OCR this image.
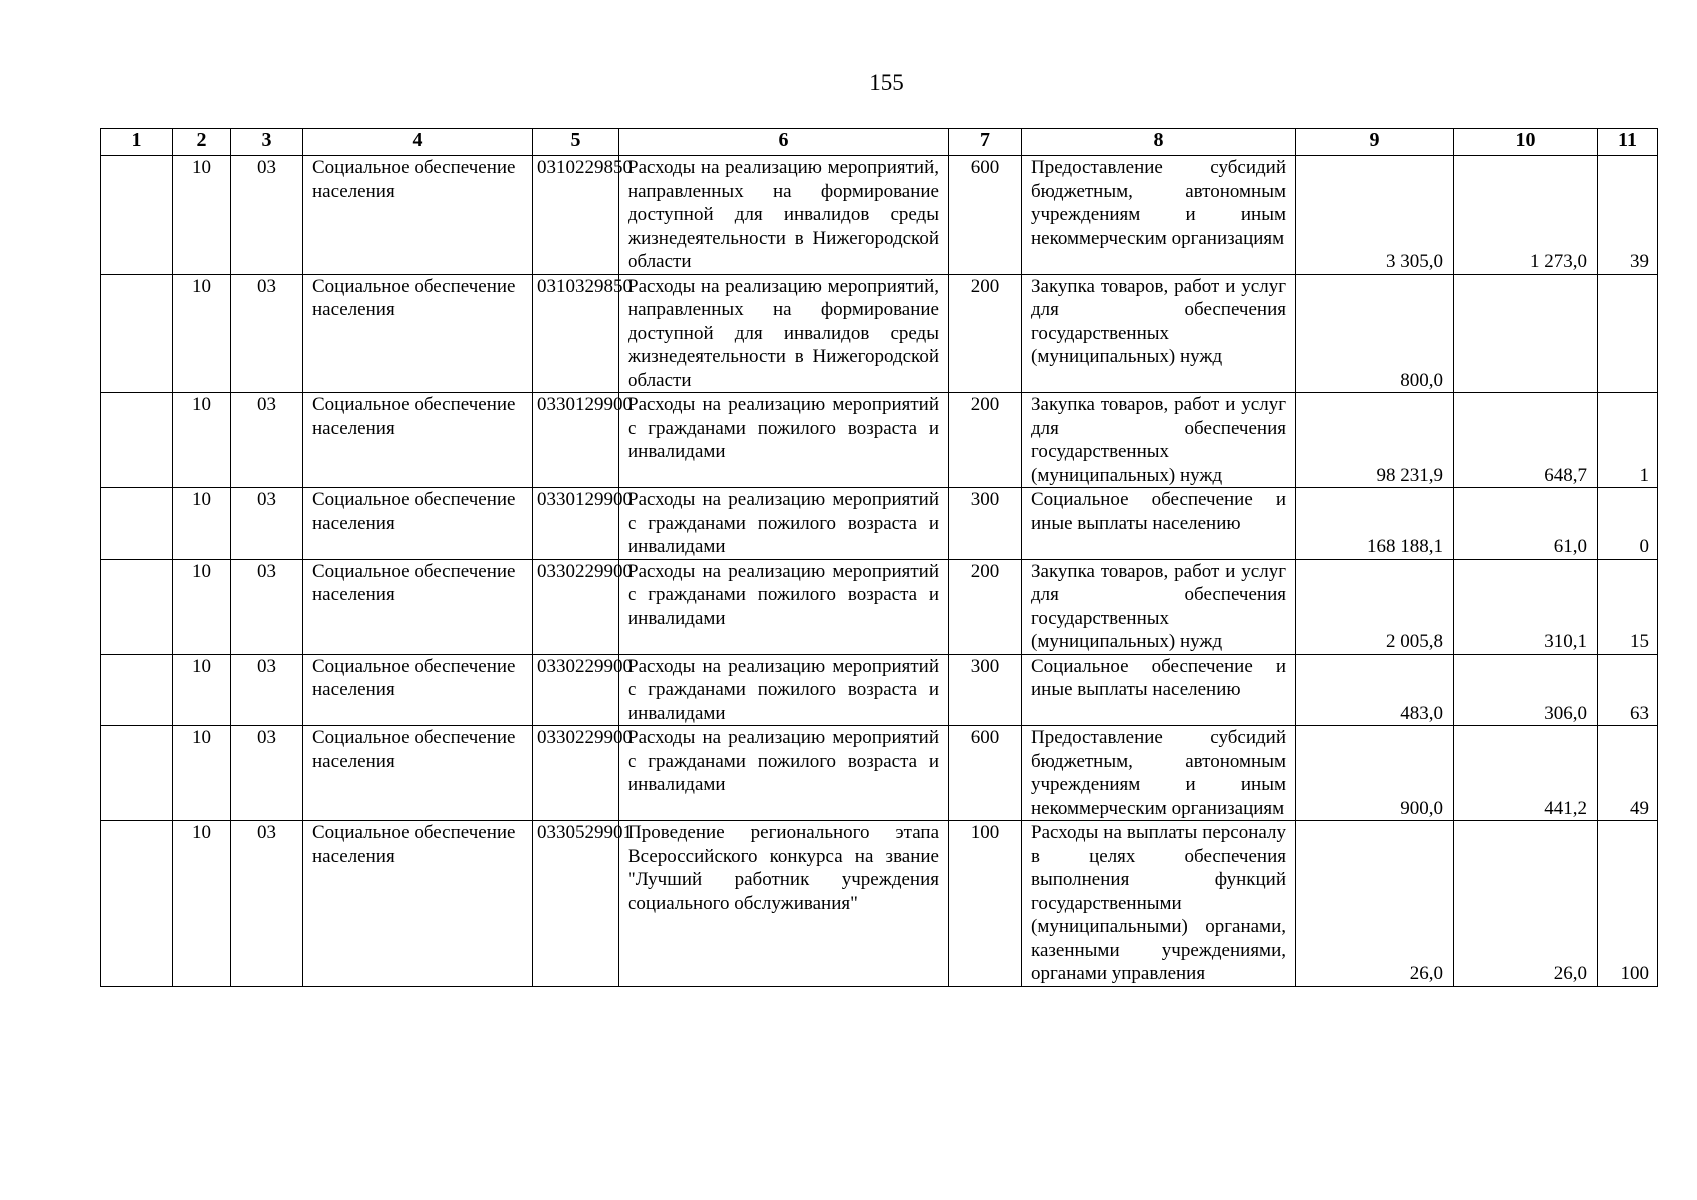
155
1	2	3	4	5	6	7	8	9	10	11
	10	03	Социальное обеспечение населения	0310229850	Расходы на реализацию мероприятий, направленных на формирование доступной для инвалидов среды жизнедеятельности в Нижегородской области	600	Предоставление субсидий бюджетным, автономным учреждениям и иным некоммерческим организациям	3 305,0	1 273,0	39
	10	03	Социальное обеспечение населения	0310329850	Расходы на реализацию мероприятий, направленных на формирование доступной для инвалидов среды жизнедеятельности в Нижегородской области	200	Закупка товаров, работ и услуг для обеспечения государственных (муниципальных) нужд	800,0		
	10	03	Социальное обеспечение населения	0330129900	Расходы на реализацию мероприятий с гражданами пожилого возраста и инвалидами	200	Закупка товаров, работ и услуг для обеспечения государственных (муниципальных) нужд	98 231,9	648,7	1
	10	03	Социальное обеспечение населения	0330129900	Расходы на реализацию мероприятий с гражданами пожилого возраста и инвалидами	300	Социальное обеспечение и иные выплаты населению	168 188,1	61,0	0
	10	03	Социальное обеспечение населения	0330229900	Расходы на реализацию мероприятий с гражданами пожилого возраста и инвалидами	200	Закупка товаров, работ и услуг для обеспечения государственных (муниципальных) нужд	2 005,8	310,1	15
	10	03	Социальное обеспечение населения	0330229900	Расходы на реализацию мероприятий с гражданами пожилого возраста и инвалидами	300	Социальное обеспечение и иные выплаты населению	483,0	306,0	63
	10	03	Социальное обеспечение населения	0330229900	Расходы на реализацию мероприятий с гражданами пожилого возраста и инвалидами	600	Предоставление субсидий бюджетным, автономным учреждениям и иным некоммерческим организациям	900,0	441,2	49
	10	03	Социальное обеспечение населения	0330529901	Проведение регионального этапа Всероссийского конкурса на звание "Лучший работник учреждения социального обслуживания"	100	Расходы на выплаты персоналу в целях обеспечения выполнения функций государственными (муниципальными) органами, казенными учреждениями, органами управления	26,0	26,0	100
